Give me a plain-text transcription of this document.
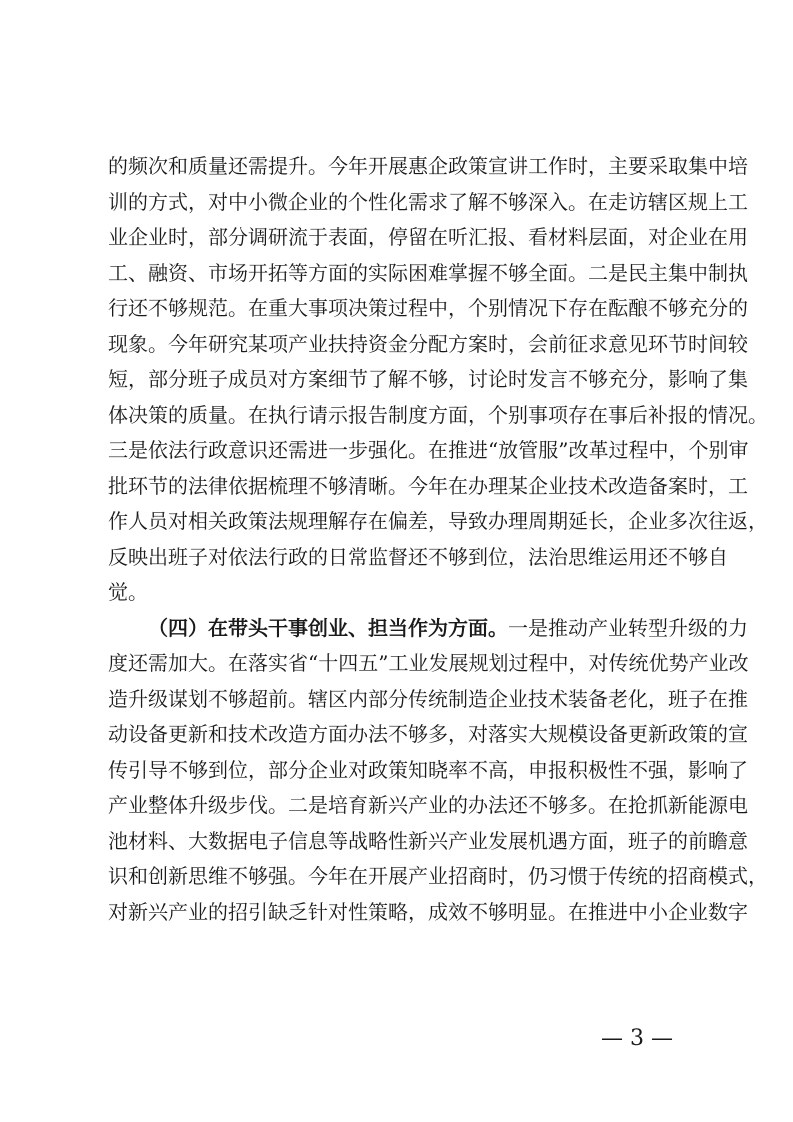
的频次和质量还需提升。今年开展惠企政策宣讲工作时，主要采取集中培
训的方式，对中小微企业的个性化需求了解不够深入。在走访辖区规上工
业企业时，部分调研流于表面，停留在听汇报、看材料层面，对企业在用
工、融资、市场开拓等方面的实际困难掌握不够全面。二是民主集中制执
行还不够规范。在重大事项决策过程中，个别情况下存在酝酿不够充分的
现象。今年研究某项产业扶持资金分配方案时，会前征求意见环节时间较
短，部分班子成员对方案细节了解不够，讨论时发言不够充分，影响了集
体决策的质量。在执行请示报告制度方面，个别事项存在事后补报的情况。
三是依法行政意识还需进一步强化。在推进“放管服”改革过程中，个别审
批环节的法律依据梳理不够清晰。今年在办理某企业技术改造备案时，工
作人员对相关政策法规理解存在偏差，导致办理周期延长，企业多次往返，
反映出班子对依法行政的日常监督还不够到位，法治思维运用还不够自
觉。
（四）在带头干事创业、担当作为方面。一是推动产业转型升级的力
度还需加大。在落实省“十四五”工业发展规划过程中，对传统优势产业改
造升级谋划不够超前。辖区内部分传统制造企业技术装备老化，班子在推
动设备更新和技术改造方面办法不够多，对落实大规模设备更新政策的宣
传引导不够到位，部分企业对政策知晓率不高，申报积极性不强，影响了
产业整体升级步伐。二是培育新兴产业的办法还不够多。在抢抓新能源电
池材料、大数据电子信息等战略性新兴产业发展机遇方面，班子的前瞻意
识和创新思维不够强。今年在开展产业招商时，仍习惯于传统的招商模式，
对新兴产业的招引缺乏针对性策略，成效不够明显。在推进中小企业数字
— 3 —
